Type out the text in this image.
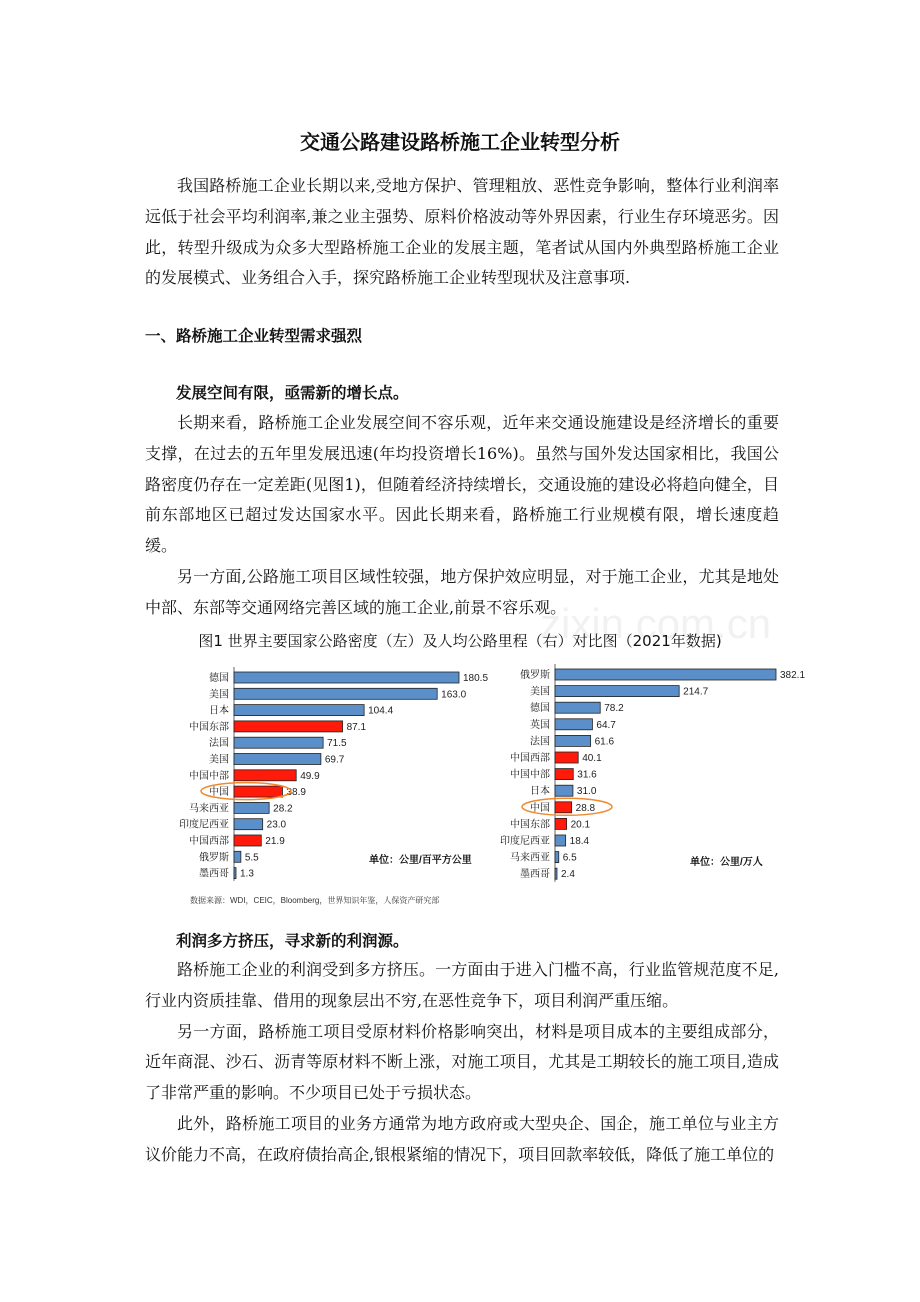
zixin.com.cn
交通公路建设路桥施工企业转型分析

我国路桥施工企业长期以来,受地方保护、管理粗放、恶性竞争影响，整体行业利润率远低于社会平均利润率,兼之业主强势、原料价格波动等外界因素，行业生存环境恶劣。因此，转型升级成为众多大型路桥施工企业的发展主题，笔者试从国内外典型路桥施工企业的发展模式、业务组合入手，探究路桥施工企业转型现状及注意事项.

一、路桥施工企业转型需求强烈
发展空间有限，亟需新的增长点。

长期来看，路桥施工企业发展空间不容乐观，近年来交通设施建设是经济增长的重要支撑，在过去的五年里发展迅速(年均投资增长16%)。虽然与国外发达国家相比，我国公路密度仍存在一定差距(见图1)，但随着经济持续增长，交通设施的建设必将趋向健全，目前东部地区已超过发达国家水平。因此长期来看，路桥施工行业规模有限，增长速度趋缓。

另一方面,公路施工项目区域性较强，地方保护效应明显，对于施工企业，尤其是地处中部、东部等交通网络完善区域的施工企业,前景不容乐观。

图1 世界主要国家公路密度（左）及人均公路里程（右）对比图（2021年数据)
德国	180.5
美国	163.0
日本	104.4
中国东部	87.1
法国	71.5
美国	69.7
中国中部	49.9
中国	38.9
马来西亚	28.2
印度尼西亚	23.0
中国西部	21.9
俄罗斯 5.5
墨西哥 1.3
单位：公里/百平方公里
数据来源：WDI，CEIC，Bloomberg，世界知识年鉴，人保资产研究部
俄罗斯	382.1
美国	214.7
德国	78.2
英国	64.7
法国	61.6
中国西部	40.1
中国中部	31.6
日本	31.0
中国	28.8
中国东部 20.1
印度尼西亚 18.4
马来西亚 6.5
墨西哥 2.4
单位：公里/万人
利润多方挤压，寻求新的利润源。

路桥施工企业的利润受到多方挤压。一方面由于进入门槛不高，行业监管规范度不足,行业内资质挂靠、借用的现象层出不穷,在恶性竞争下，项目利润严重压缩。

另一方面，路桥施工项目受原材料价格影响突出，材料是项目成本的主要组成部分，近年商混、沙石、沥青等原材料不断上涨，对施工项目，尤其是工期较长的施工项目,造成了非常严重的影响。不少项目已处于亏损状态。

此外，路桥施工项目的业务方通常为地方政府或大型央企、国企，施工单位与业主方议价能力不高，在政府债抬高企,银根紧缩的情况下，项目回款率较低，降低了施工单位的
